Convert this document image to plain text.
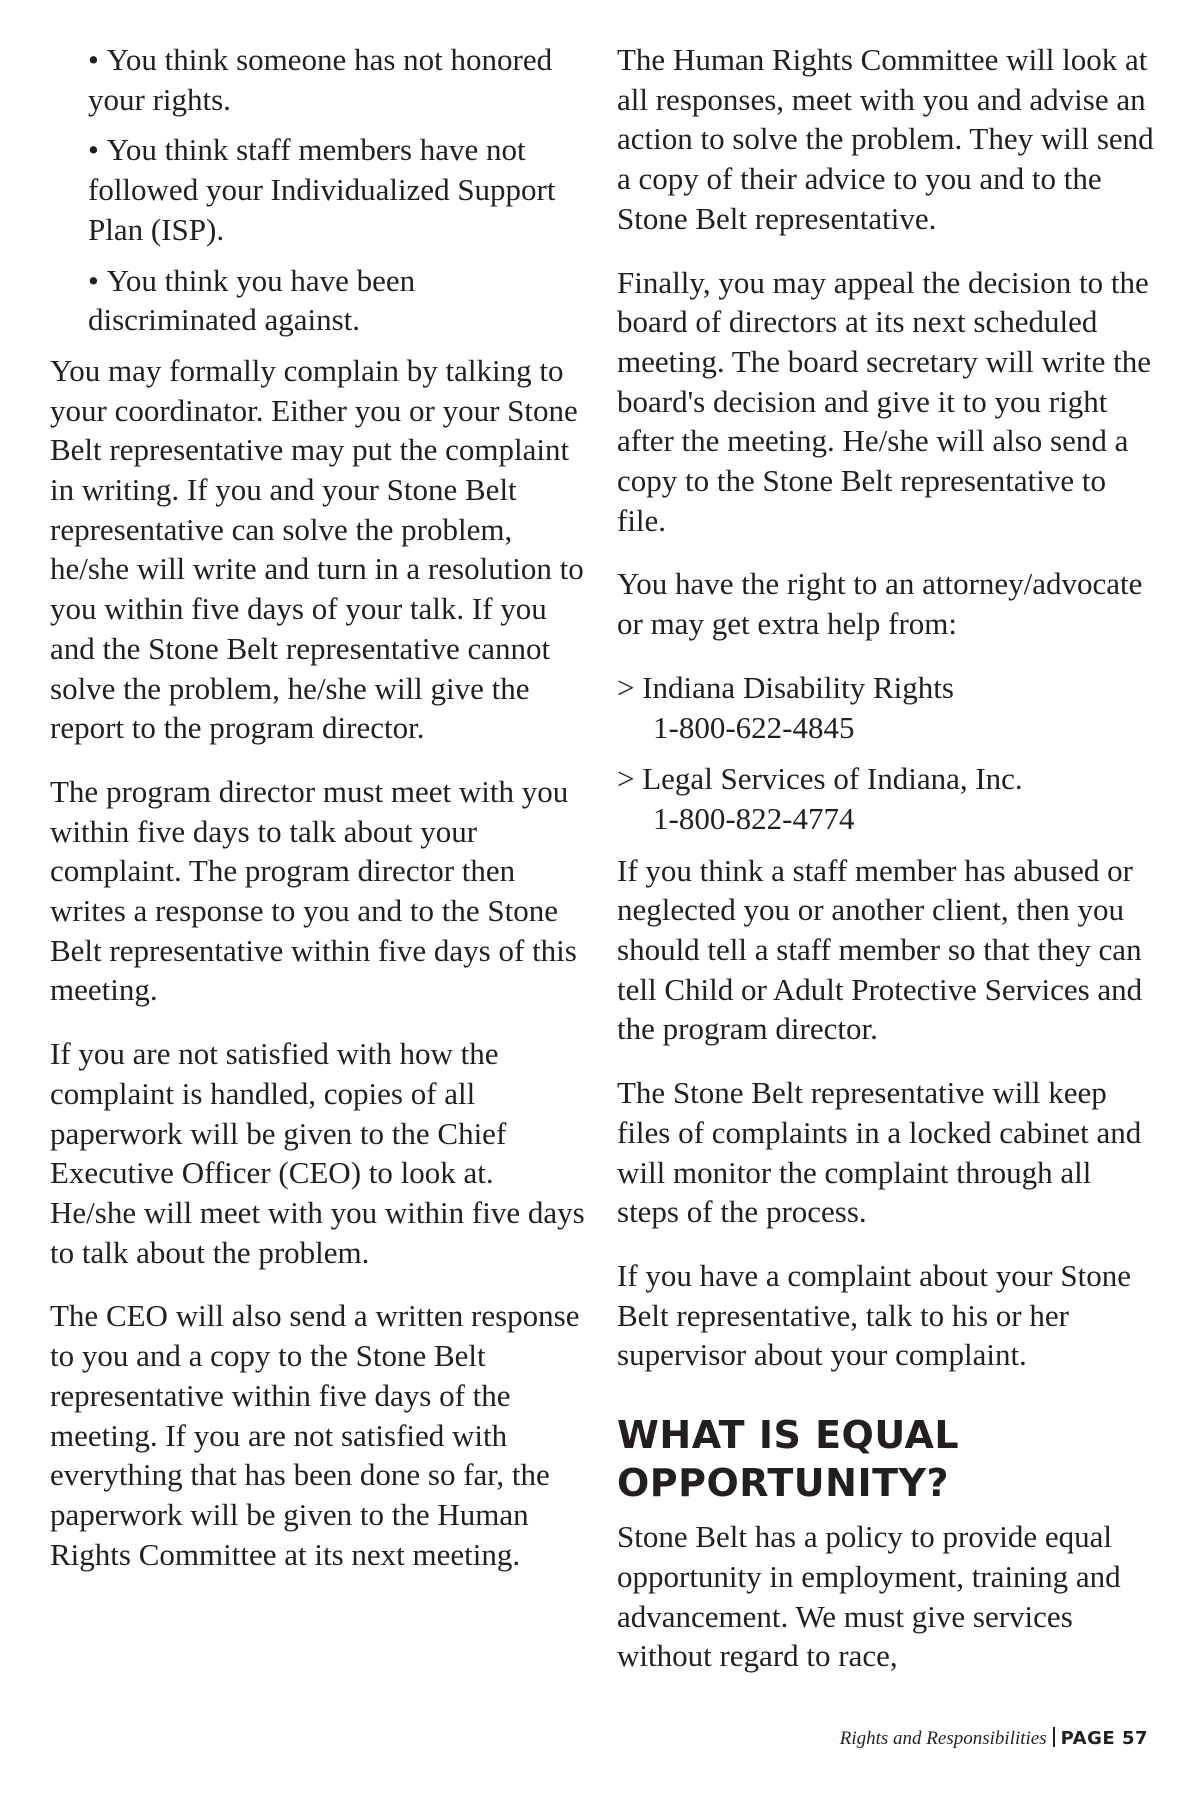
• You think someone has not honored your rights.
• You think staff members have not followed your Individualized Support Plan (ISP).
• You think you have been discriminated against.

You may formally complain by talking to your coordinator. Either you or your Stone Belt representative may put the complaint in writing. If you and your Stone Belt representative can solve the problem, he/she will write and turn in a resolution to you within five days of your talk. If you and the Stone Belt representative cannot solve the problem, he/she will give the report to the program director.

The program director must meet with you within five days to talk about your complaint. The program director then writes a response to you and to the Stone Belt representative within five days of this meeting.

If you are not satisfied with how the complaint is handled, copies of all paperwork will be given to the Chief Executive Officer (CEO) to look at. He/she will meet with you within five days to talk about the problem.

The CEO will also send a written response to you and a copy to the Stone Belt representative within five days of the meeting. If you are not satisfied with everything that has been done so far, the paperwork will be given to the Human Rights Committee at its next meeting.

The Human Rights Committee will look at all responses, meet with you and advise an action to solve the problem. They will send a copy of their advice to you and to the Stone Belt representative.

Finally, you may appeal the decision to the board of directors at its next scheduled meeting. The board secretary will write the board's decision and give it to you right after the meeting. He/she will also send a copy to the Stone Belt representative to file.

You have the right to an attorney/advocate or may get extra help from:

> Indiana Disability Rights
1-800-622-4845
> Legal Services of Indiana, Inc.
1-800-822-4774

If you think a staff member has abused or neglected you or another client, then you should tell a staff member so that they can tell Child or Adult Protective Services and the program director.

The Stone Belt representative will keep files of complaints in a locked cabinet and will monitor the complaint through all steps of the process.

If you have a complaint about your Stone Belt representative, talk to his or her supervisor about your complaint.

WHAT IS EQUAL OPPORTUNITY?

Stone Belt has a policy to provide equal opportunity in employment, training and advancement. We must give services without regard to race,

Rights and Responsibilities PAGE 57
